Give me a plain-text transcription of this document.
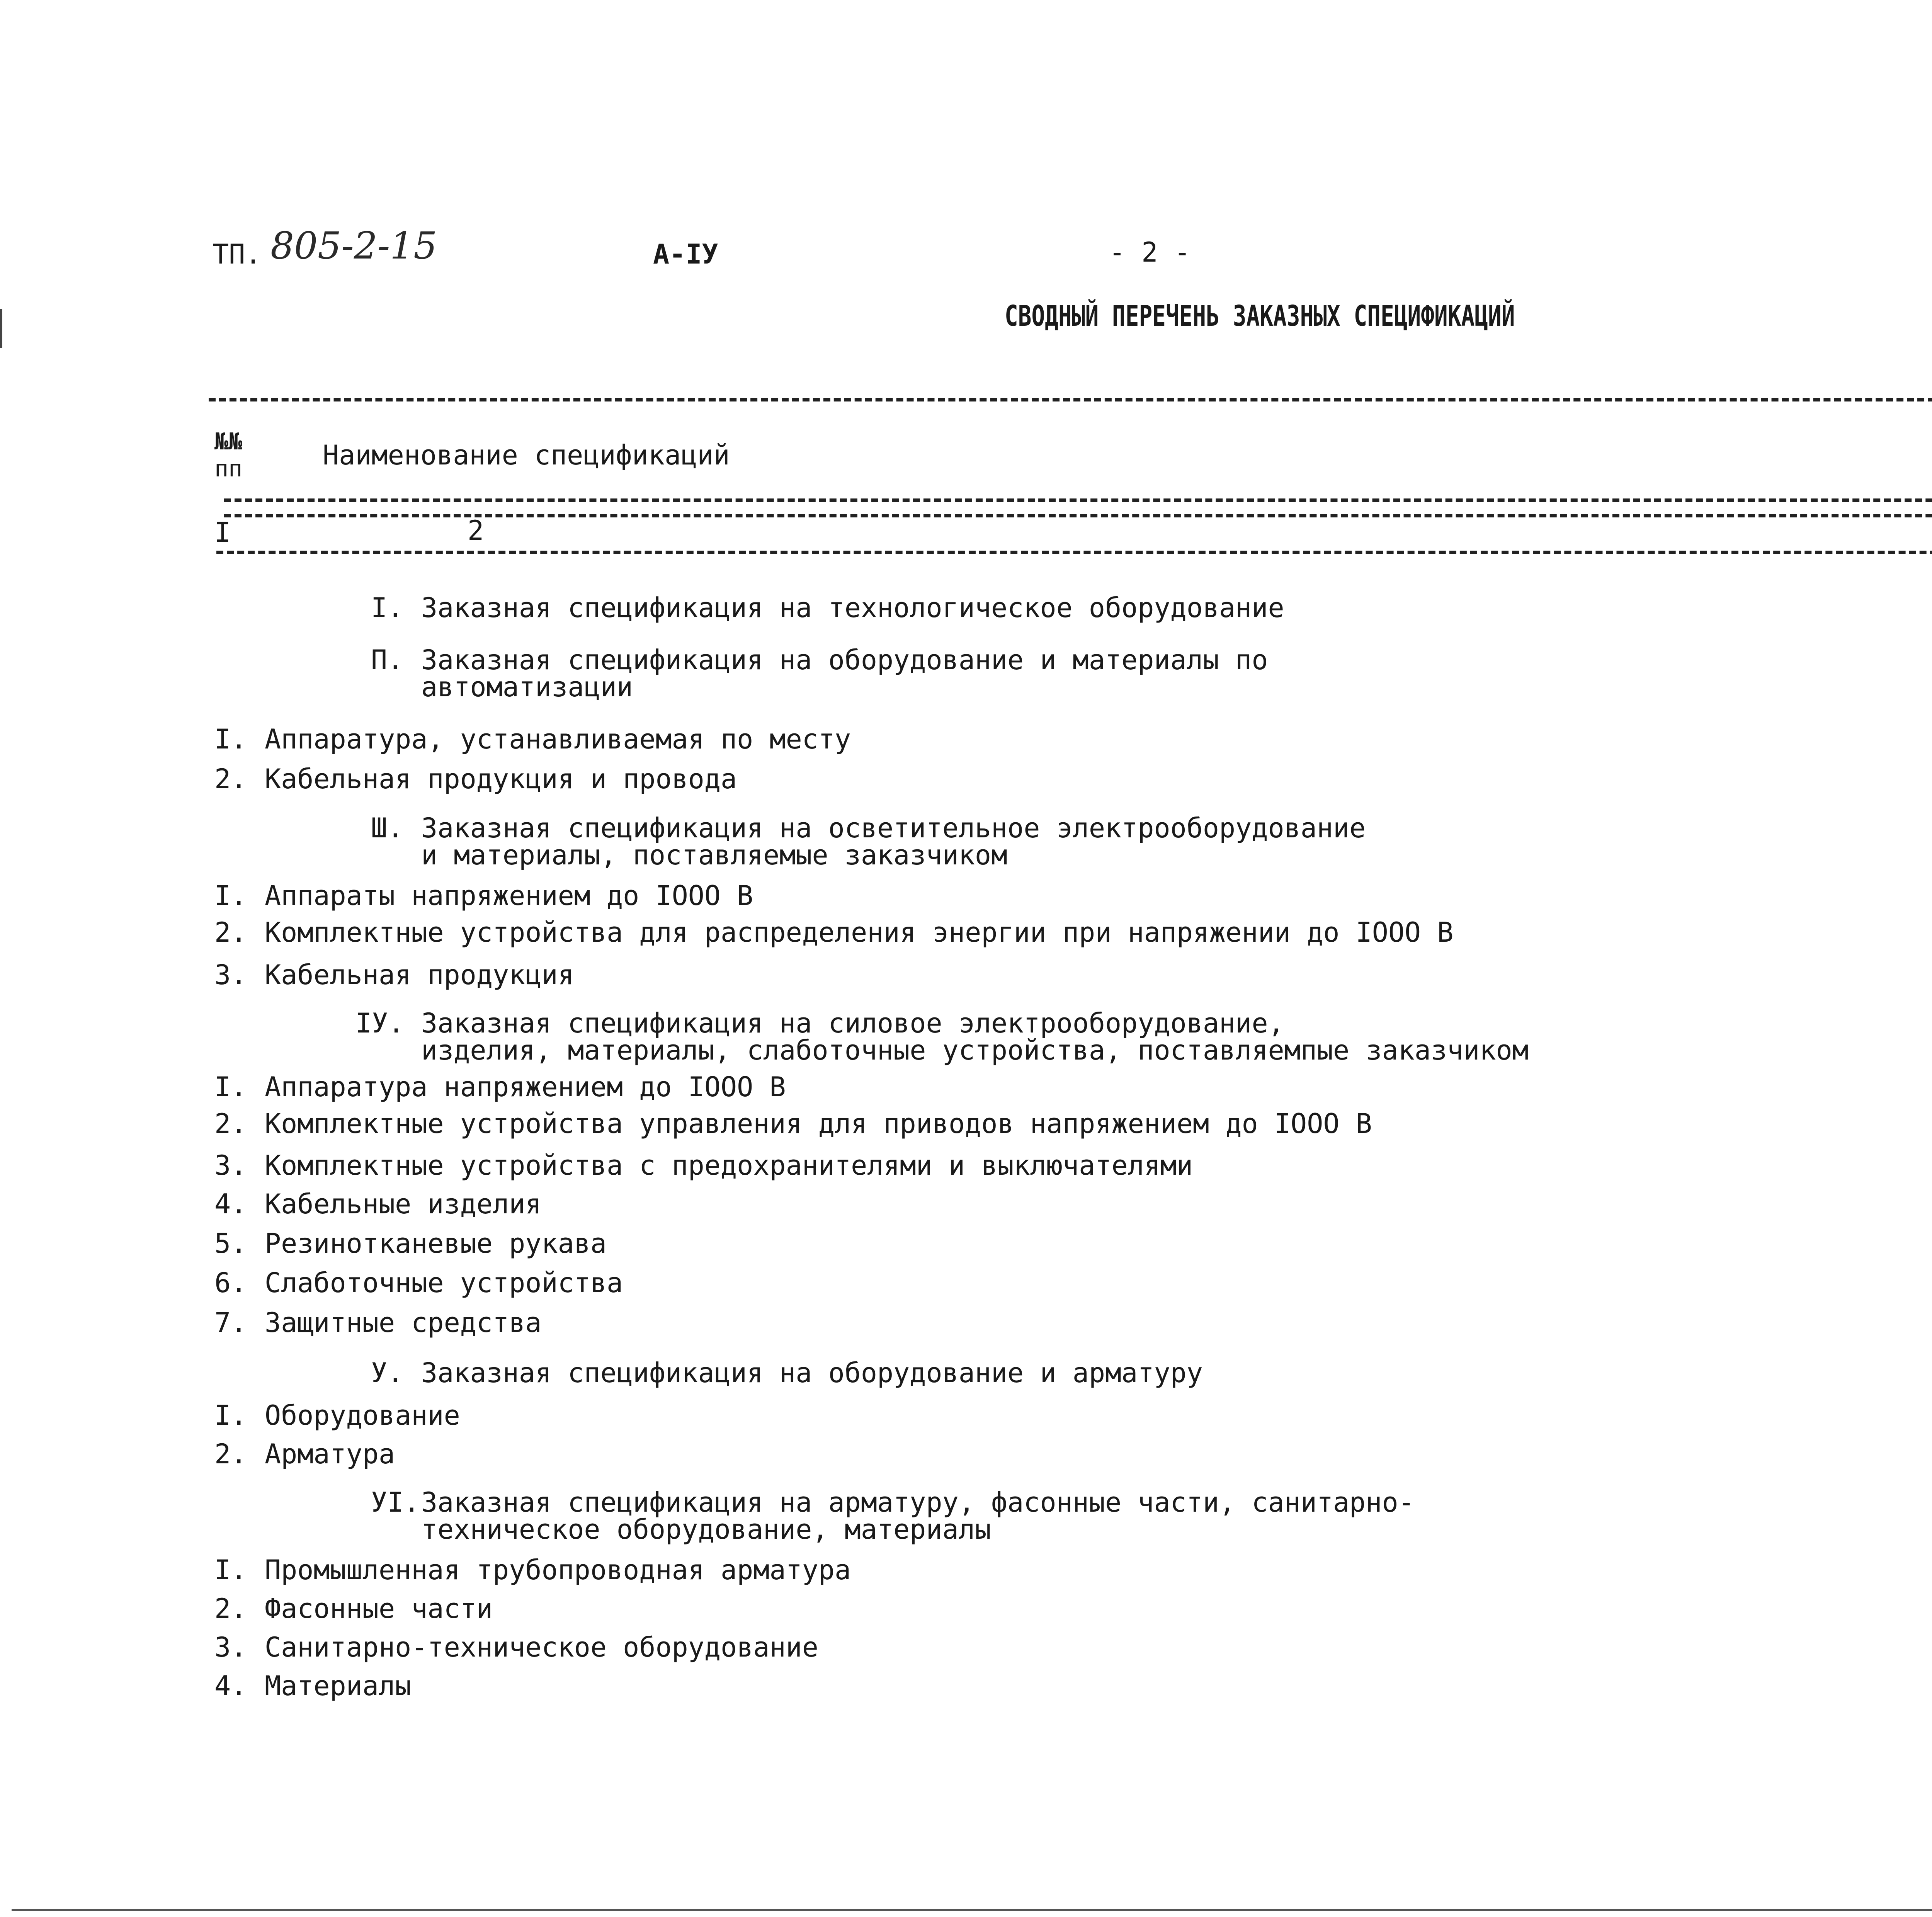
ТП. 805-2-15	А-IУ	- 2 -
СВОДНЫЙ ПЕРЕЧЕНЬ ЗАКАЗНЫХ СПЕЦИФИКАЦИЙ
№№
пп	Наименование спецификаций
I	2
I. Заказная спецификация на технологическое оборудование
П. Заказная спецификация на оборудование и материалы по
автоматизации
I. Аппаратура, устанавливаемая по месту
2. Кабельная продукция и провода
Ш. Заказная спецификация на осветительное электрооборудование
и материалы, поставляемые заказчиком
I. Аппараты напряжением до IOOO В
2. Комплектные устройства для распределения энергии при напряжении до IOOO В
3. Кабельная продукция
IУ. Заказная спецификация на силовое электрооборудование,
изделия, материалы, слаботочные устройства, поставляемпые заказчиком
I. Аппаратура напряжением до IOOO В
2. Комплектные устройства управления для приводов напряжением до IOOO В
3. Комплектные устройства с предохранителями и выключателями
4. Кабельные изделия
5. Резинотканевые рукава
6. Слаботочные устройства
7. Защитные средства
У. Заказная спецификация на оборудование и арматуру
I. Оборудование
2. Арматура
УI.Заказная спецификация на арматуру, фасонные части, санитарно-
техническое оборудование, материалы
I. Промышленная трубопроводная арматура
2. Фасонные части
3. Санитарно-техническое оборудование
4. Материалы
